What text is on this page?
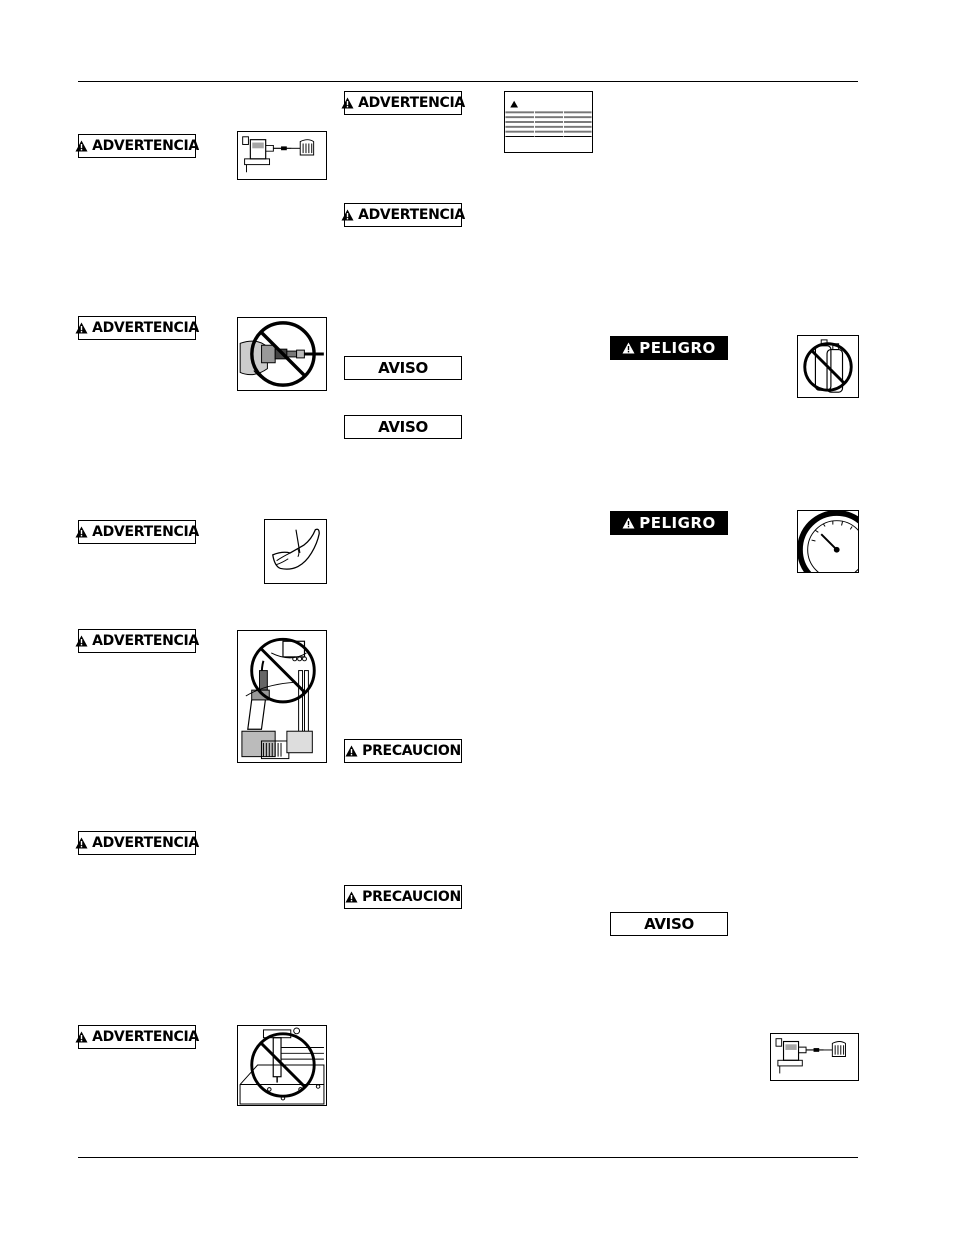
ADVERTENCIA
ADVERTENCIA
ADVERTENCIA
ADVERTENCIA
ADVERTENCIA
ADVERTENCIA
ADVERTENCIA
ADVERTENCIA
AVISO
AVISO
PRECAUCION
PRECAUCION
PELIGRO
PELIGRO
AVISO
